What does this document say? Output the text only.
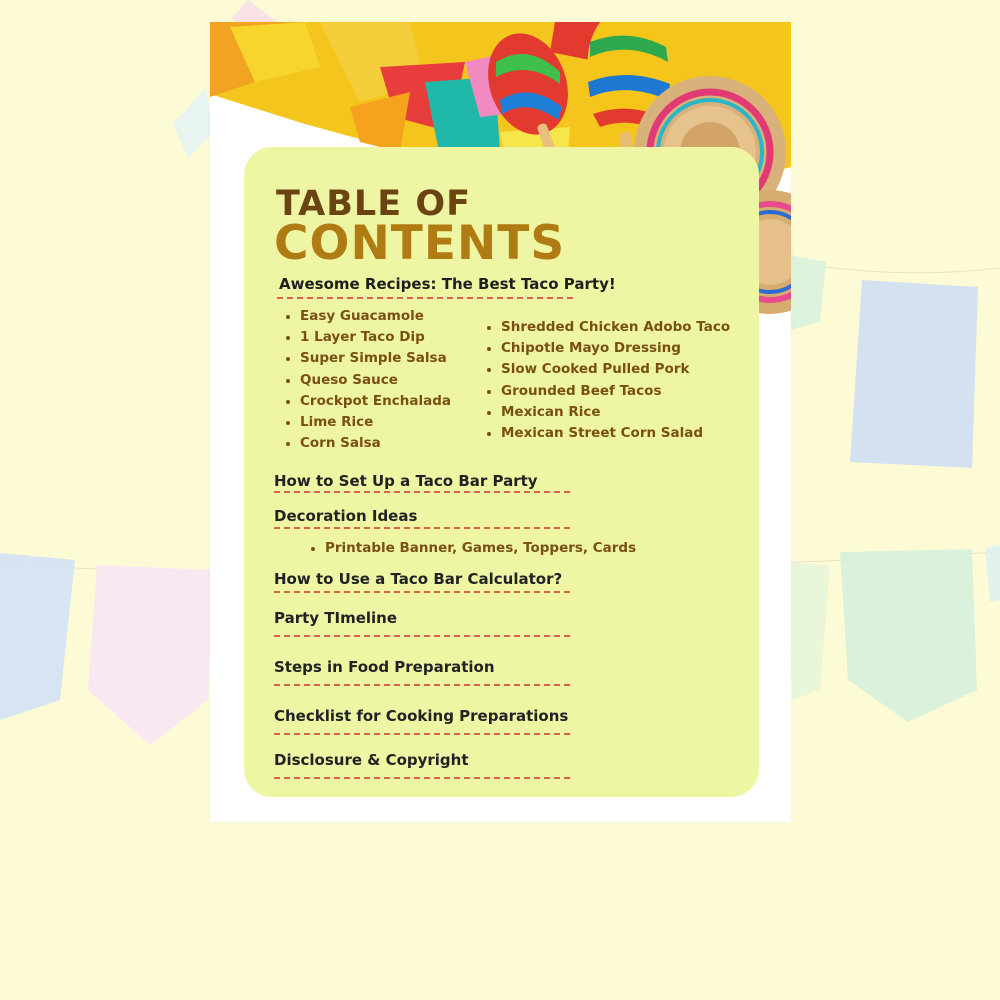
TABLE OF
CONTENTS
Awesome Recipes: The Best Taco Party!
Easy Guacamole
1 Layer Taco Dip
Super Simple Salsa
Queso Sauce
Crockpot Enchalada
Lime Rice
Corn Salsa
Shredded Chicken Adobo Taco
Chipotle Mayo Dressing
Slow Cooked Pulled Pork
Grounded Beef Tacos
Mexican Rice
Mexican Street Corn Salad
How to Set Up a Taco Bar Party
Decoration Ideas
Printable Banner, Games, Toppers, Cards
How to Use a Taco Bar Calculator?
Party TImeline
Steps in Food Preparation
Checklist for Cooking Preparations
Disclosure & Copyright
